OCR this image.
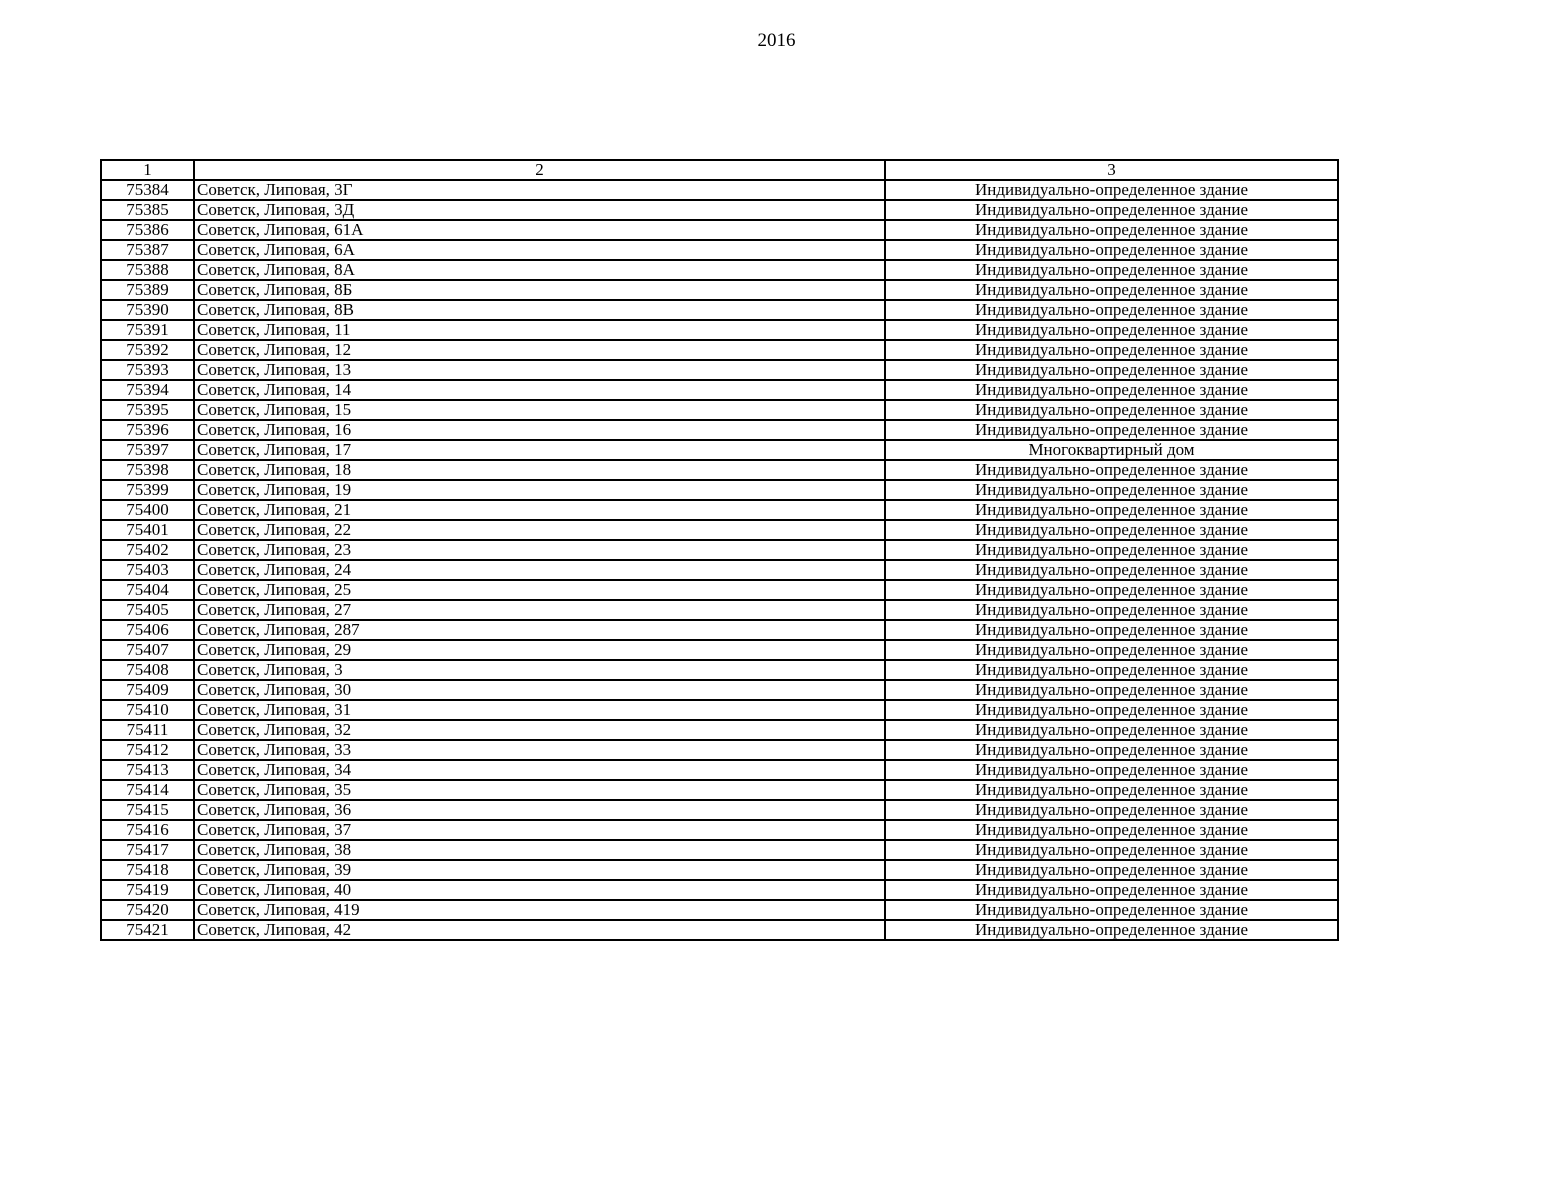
2016
1	2	3
75384	Советск, Липовая, 3Г	Индивидуально-определенное здание
75385	Советск, Липовая, 3Д	Индивидуально-определенное здание
75386	Советск, Липовая, 61А	Индивидуально-определенное здание
75387	Советск, Липовая, 6А	Индивидуально-определенное здание
75388	Советск, Липовая, 8А	Индивидуально-определенное здание
75389	Советск, Липовая, 8Б	Индивидуально-определенное здание
75390	Советск, Липовая, 8В	Индивидуально-определенное здание
75391	Советск, Липовая, 11	Индивидуально-определенное здание
75392	Советск, Липовая, 12	Индивидуально-определенное здание
75393	Советск, Липовая, 13	Индивидуально-определенное здание
75394	Советск, Липовая, 14	Индивидуально-определенное здание
75395	Советск, Липовая, 15	Индивидуально-определенное здание
75396	Советск, Липовая, 16	Индивидуально-определенное здание
75397	Советск, Липовая, 17	Многоквартирный дом
75398	Советск, Липовая, 18	Индивидуально-определенное здание
75399	Советск, Липовая, 19	Индивидуально-определенное здание
75400	Советск, Липовая, 21	Индивидуально-определенное здание
75401	Советск, Липовая, 22	Индивидуально-определенное здание
75402	Советск, Липовая, 23	Индивидуально-определенное здание
75403	Советск, Липовая, 24	Индивидуально-определенное здание
75404	Советск, Липовая, 25	Индивидуально-определенное здание
75405	Советск, Липовая, 27	Индивидуально-определенное здание
75406	Советск, Липовая, 287	Индивидуально-определенное здание
75407	Советск, Липовая, 29	Индивидуально-определенное здание
75408	Советск, Липовая, 3	Индивидуально-определенное здание
75409	Советск, Липовая, 30	Индивидуально-определенное здание
75410	Советск, Липовая, 31	Индивидуально-определенное здание
75411	Советск, Липовая, 32	Индивидуально-определенное здание
75412	Советск, Липовая, 33	Индивидуально-определенное здание
75413	Советск, Липовая, 34	Индивидуально-определенное здание
75414	Советск, Липовая, 35	Индивидуально-определенное здание
75415	Советск, Липовая, 36	Индивидуально-определенное здание
75416	Советск, Липовая, 37	Индивидуально-определенное здание
75417	Советск, Липовая, 38	Индивидуально-определенное здание
75418	Советск, Липовая, 39	Индивидуально-определенное здание
75419	Советск, Липовая, 40	Индивидуально-определенное здание
75420	Советск, Липовая, 419	Индивидуально-определенное здание
75421	Советск, Липовая, 42	Индивидуально-определенное здание
